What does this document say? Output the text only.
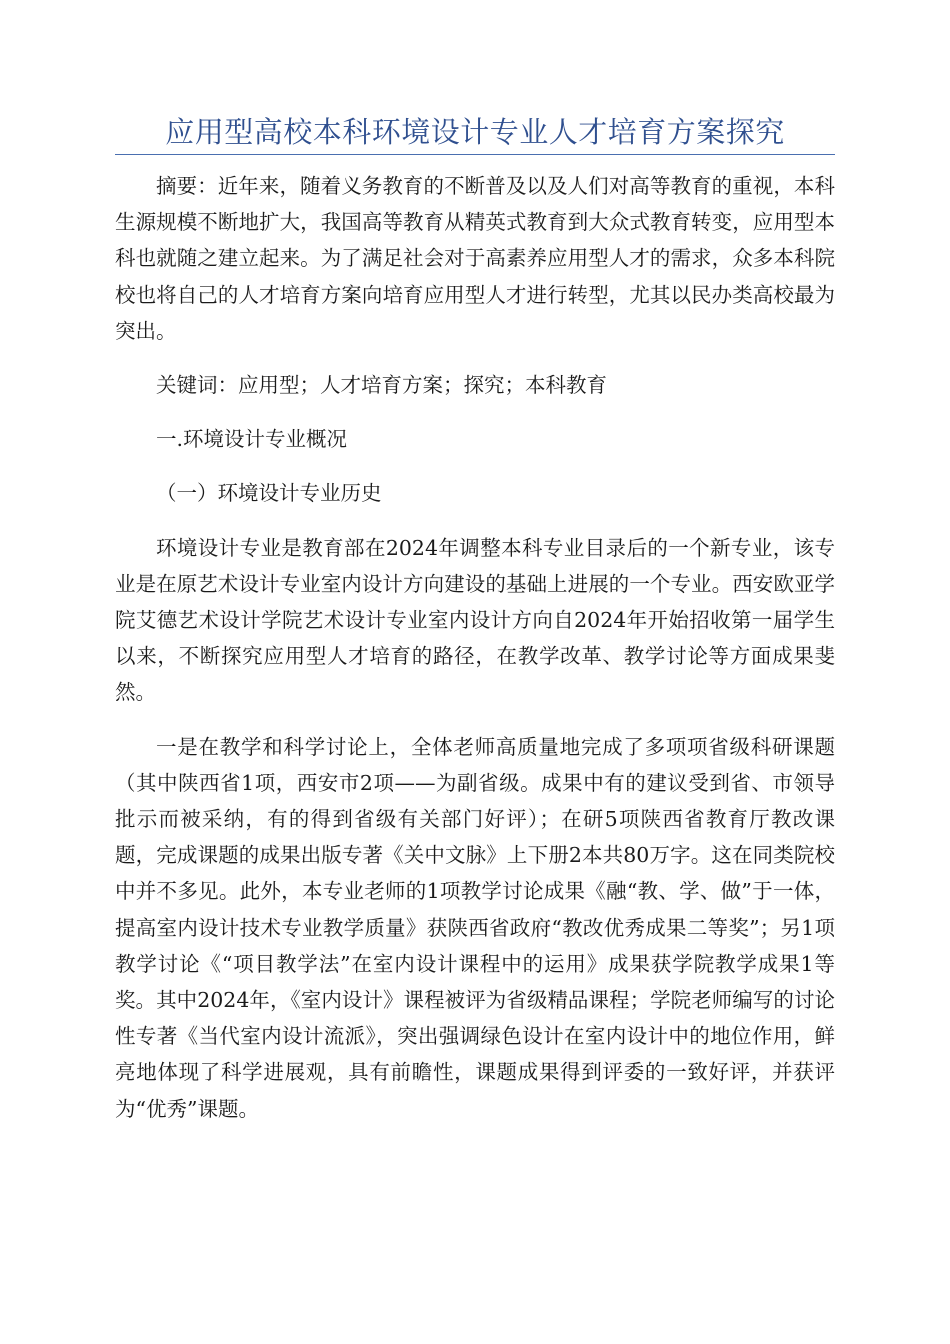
应用型高校本科环境设计专业人才培育方案探究

摘要：近年来，随着义务教育的不断普及以及人们对高等教育的重视，本科生源规模不断地扩大，我国高等教育从精英式教育到大众式教育转变，应用型本科也就随之建立起来。为了满足社会对于高素养应用型人才的需求，众多本科院校也将自己的人才培育方案向培育应用型人才进行转型，尤其以民办类高校最为突出。

关键词：应用型；人才培育方案；探究；本科教育

一.环境设计专业概况

（一）环境设计专业历史

环境设计专业是教育部在2024年调整本科专业目录后的一个新专业，该专业是在原艺术设计专业室内设计方向建设的基础上进展的一个专业。西安欧亚学院艾德艺术设计学院艺术设计专业室内设计方向自2024年开始招收第一届学生以来，不断探究应用型人才培育的路径，在教学改革、教学讨论等方面成果斐然。

一是在教学和科学讨论上，全体老师高质量地完成了多项项省级科研课题（其中陕西省1项，西安市2项——为副省级。成果中有的建议受到省、市领导批示而被采纳，有的得到省级有关部门好评）；在研5项陕西省教育厅教改课题，完成课题的成果出版专著《关中文脉》上下册2本共80万字。这在同类院校中并不多见。此外，本专业老师的1项教学讨论成果《融“教、学、做”于一体，提高室内设计技术专业教学质量》获陕西省政府“教改优秀成果二等奖”；另1项教学讨论《“项目教学法”在室内设计课程中的运用》成果获学院教学成果1等奖。其中2024年，《室内设计》课程被评为省级精品课程；学院老师编写的讨论性专著《当代室内设计流派》，突出强调绿色设计在室内设计中的地位作用，鲜亮地体现了科学进展观，具有前瞻性，课题成果得到评委的一致好评，并获评为“优秀”课题。
